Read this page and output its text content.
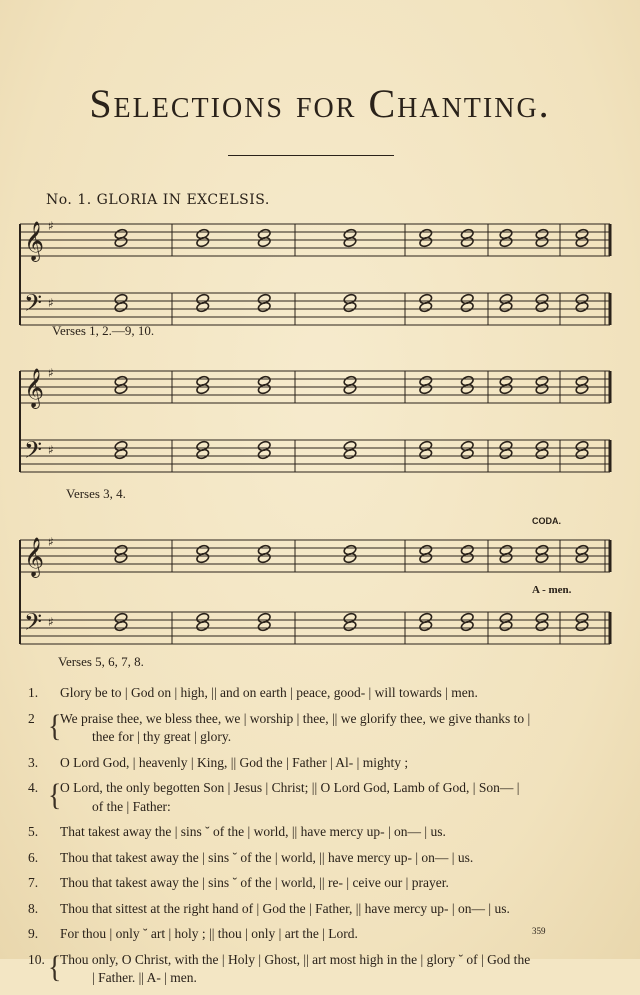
Selections for Chanting.
No. 1. GLORIA IN EXCELSIS.
𝄞 ♯
𝄢 ♯
𝄞 ♯
𝄢 ♯
𝄞 ♯
𝄢 ♯
Verses 1, 2.—9, 10.
Verses 3, 4.
Verses 5, 6, 7, 8.
CODA.
A - men.
1. Glory be to | God on | high, || and on earth | peace, good- | will towards | men.
2 {
We praise thee, we bless thee, we | worship | thee, || we glorify thee, we give thanks to |
thee for | thy great | glory.
3. O Lord God, | heavenly | King, || God the | Father | Al- | mighty ;
4. {
O Lord, the only begotten Son | Jesus | Christ; || O Lord God, Lamb of God, | Son— |
of the | Father:
5. That takest away the | sins ˘ of the | world, || have mercy up- | on— | us.
6. Thou that takest away the | sins ˘ of the | world, || have mercy up- | on— | us.
7. Thou that takest away the | sins ˘ of the | world, || re- | ceive our | prayer.
8. Thou that sittest at the right hand of | God the | Father, || have mercy up- | on— | us.
9. For thou | only ˘ art | holy ; || thou | only | art the | Lord.
10. {
Thou only, O Christ, with the | Holy | Ghost, || art most high in the | glory ˘ of | God the
| Father. || A- | men.
359
